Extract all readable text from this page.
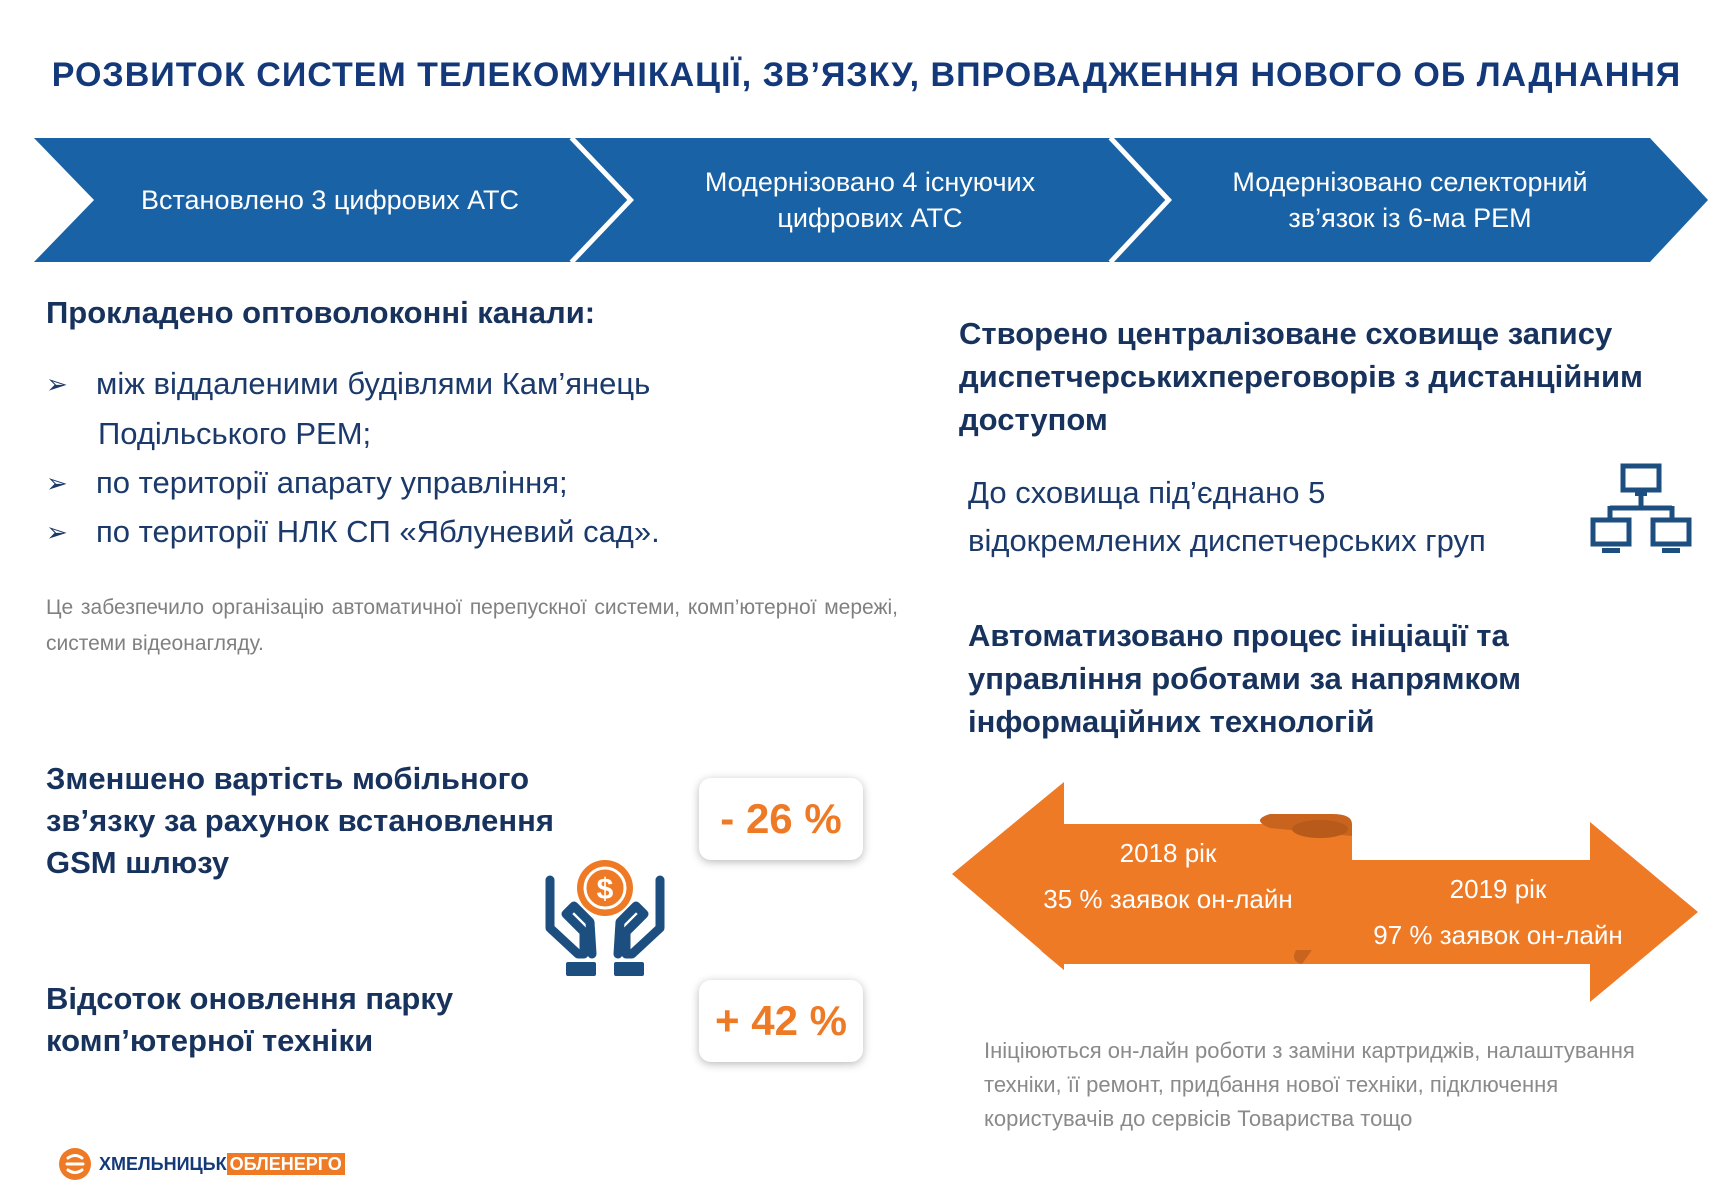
РОЗВИТОК СИСТЕМ ТЕЛЕКОМУНІКАЦІЇ, ЗВ’ЯЗКУ, ВПРОВАДЖЕННЯ НОВОГО ОБ ЛАДНАННЯ
Встановлено 3 цифрових АТС
Модернізовано 4 існуючих
цифрових АТС
Модернізовано селекторний
зв’язок із 6-ма РЕМ
Прокладено оптоволоконні канали:
➢ між віддаленими будівлями Кам’янець
Подільського РЕМ;
➢ по території апарату управління;
➢ по території НЛК СП «Яблуневий сад».
Це забезпечило організацію автоматичної перепускної системи, комп’ютерної мережі, системи відеонагляду.
Зменшено вартість мобільного
зв’язку за рахунок встановлення
GSM шлюзу
- 26 %
$
Відсоток оновлення парку
комп’ютерної техніки	+ 42 %
Створено централізоване сховище запису
диспетчерськихпереговорів з дистанційним
доступом
До сховища під’єднано 5
відокремлених диспетчерських груп
Автоматизовано процес ініціації та
управління роботами за напрямком
інформаційних технологій
2018 рік
35 % заявок он-лайн	2019 рік
97 % заявок он-лайн
Ініціюються он-лайн роботи з заміни картриджів, налаштування техніки, її ремонт, придбання нової техніки, підключення користувачів до сервісів Товариства тощо
ХМЕЛЬНИЦЬК ОБЛЕНЕРГО
